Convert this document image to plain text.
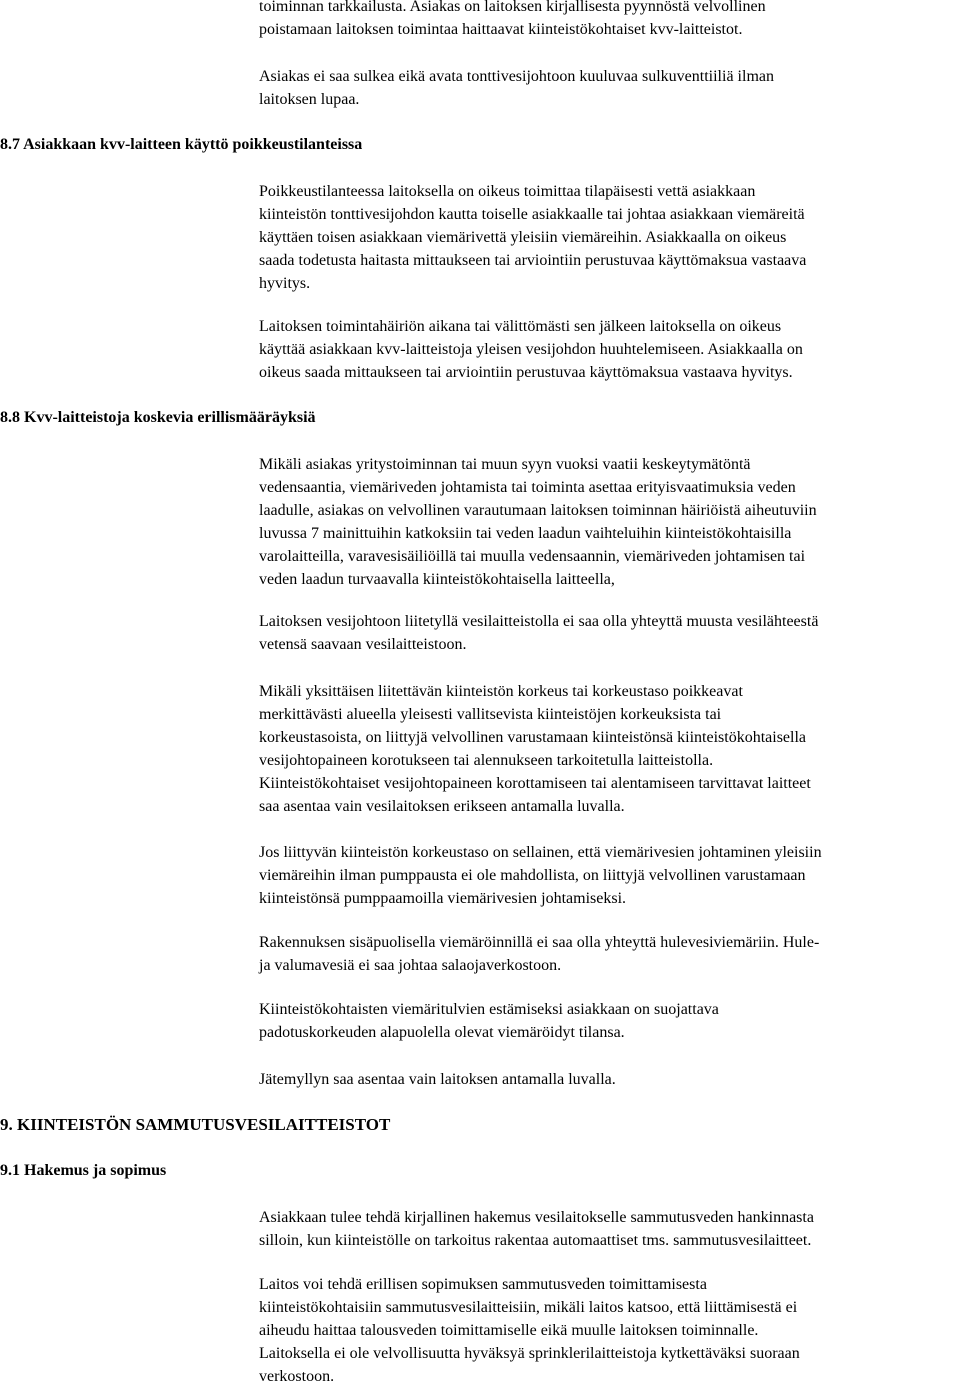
toiminnan tarkkailusta. Asiakas on laitoksen kirjallisesta pyynnöstä velvollinen
poistamaan laitoksen toimintaa haittaavat kiinteistökohtaiset kvv-laitteistot.

Asiakas ei saa sulkea eikä avata tonttivesijohtoon kuuluvaa sulkuventtiiliä ilman
laitoksen lupaa.

8.7 Asiakkaan kvv-laitteen käyttö poikkeustilanteissa

Poikkeustilanteessa laitoksella on oikeus toimittaa tilapäisesti vettä asiakkaan
kiinteistön tonttivesijohdon kautta toiselle asiakkaalle tai johtaa asiakkaan viemäreitä
käyttäen toisen asiakkaan viemärivettä yleisiin viemäreihin. Asiakkaalla on oikeus
saada todetusta haitasta mittaukseen tai arviointiin perustuvaa käyttömaksua vastaava
hyvitys.

Laitoksen toimintahäiriön aikana tai välittömästi sen jälkeen laitoksella on oikeus
käyttää asiakkaan kvv-laitteistoja yleisen vesijohdon huuhtelemiseen. Asiakkaalla on
oikeus saada mittaukseen tai arviointiin perustuvaa käyttömaksua vastaava hyvitys.

8.8 Kvv-laitteistoja koskevia erillismääräyksiä

Mikäli asiakas yritystoiminnan tai muun syyn vuoksi vaatii keskeytymätöntä
vedensaantia, viemäriveden johtamista tai toiminta asettaa erityisvaatimuksia veden
laadulle, asiakas on velvollinen varautumaan laitoksen toiminnan häiriöistä aiheutuviin
luvussa 7 mainittuihin katkoksiin tai veden laadun vaihteluihin kiinteistökohtaisilla
varolaitteilla, varavesisäiliöillä tai muulla vedensaannin, viemäriveden johtamisen tai
veden laadun turvaavalla kiinteistökohtaisella laitteella,

Laitoksen vesijohtoon liitetyllä vesilaitteistolla ei saa olla yhteyttä muusta vesilähteestä
vetensä saavaan vesilaitteistoon.

Mikäli yksittäisen liitettävän kiinteistön korkeus tai korkeustaso poikkeavat
merkittävästi alueella yleisesti vallitsevista kiinteistöjen korkeuksista tai
korkeustasoista, on liittyjä velvollinen varustamaan kiinteistönsä kiinteistökohtaisella
vesijohtopaineen korotukseen tai alennukseen tarkoitetulla laitteistolla.
Kiinteistökohtaiset vesijohtopaineen korottamiseen tai alentamiseen tarvittavat laitteet
saa asentaa vain vesilaitoksen erikseen antamalla luvalla.

Jos liittyvän kiinteistön korkeustaso on sellainen, että viemärivesien johtaminen yleisiin
viemäreihin ilman pumppausta ei ole mahdollista, on liittyjä velvollinen varustamaan
kiinteistönsä pumppaamoilla viemärivesien johtamiseksi.

Rakennuksen sisäpuolisella viemäröinnillä ei saa olla yhteyttä hulevesiviemäriin. Hule-
ja valumavesiä ei saa johtaa salaojaverkostoon.

Kiinteistökohtaisten viemäritulvien estämiseksi asiakkaan on suojattava
padotuskorkeuden alapuolella olevat viemäröidyt tilansa.

Jätemyllyn saa asentaa vain laitoksen antamalla luvalla.

9. KIINTEISTÖN SAMMUTUSVESILAITTEISTOT
9.1 Hakemus ja sopimus

Asiakkaan tulee tehdä kirjallinen hakemus vesilaitokselle sammutusveden hankinnasta
silloin, kun kiinteistölle on tarkoitus rakentaa automaattiset tms. sammutusvesilaitteet.

Laitos voi tehdä erillisen sopimuksen sammutusveden toimittamisesta
kiinteistökohtaisiin sammutusvesilaitteisiin, mikäli laitos katsoo, että liittämisestä ei
aiheudu haittaa talousveden toimittamiselle eikä muulle laitoksen toiminnalle.
Laitoksella ei ole velvollisuutta hyväksyä sprinklerilaitteistoja kytkettäväksi suoraan
verkostoon.
